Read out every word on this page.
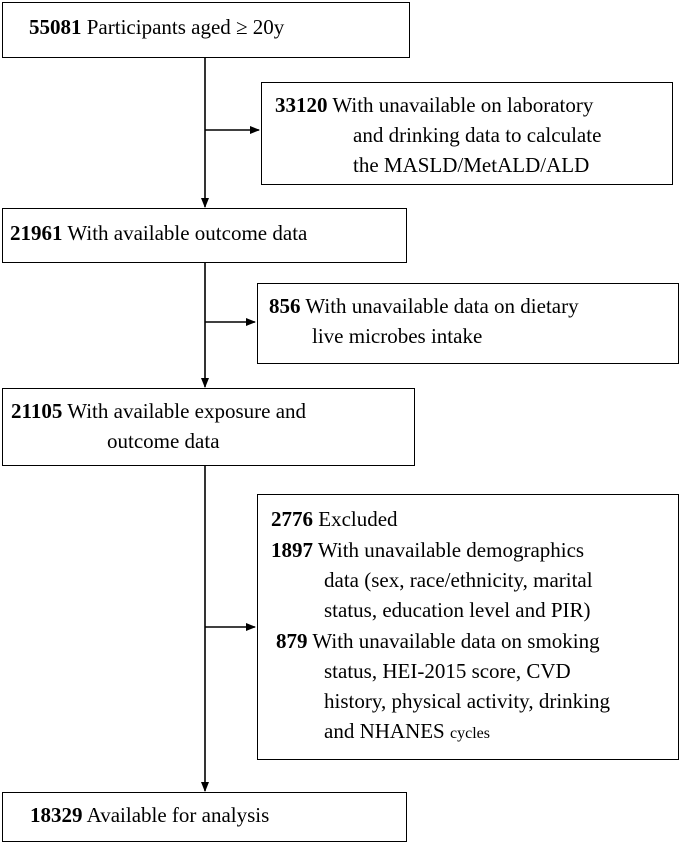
55081 Participants aged ≥ 20y
33120 With unavailable on laboratory
and drinking data to calculate
the MASLD/MetALD/ALD
21961 With available outcome data
856 With unavailable data on dietary
live microbes intake
21105 With available exposure and
outcome data
2776 Excluded
1897 With unavailable demographics
data (sex, race/ethnicity, marital
status, education level and PIR)
879 With unavailable data on smoking
status, HEI-2015 score, CVD
history, physical activity, drinking
and NHANES cycles
18329 Available for analysis
